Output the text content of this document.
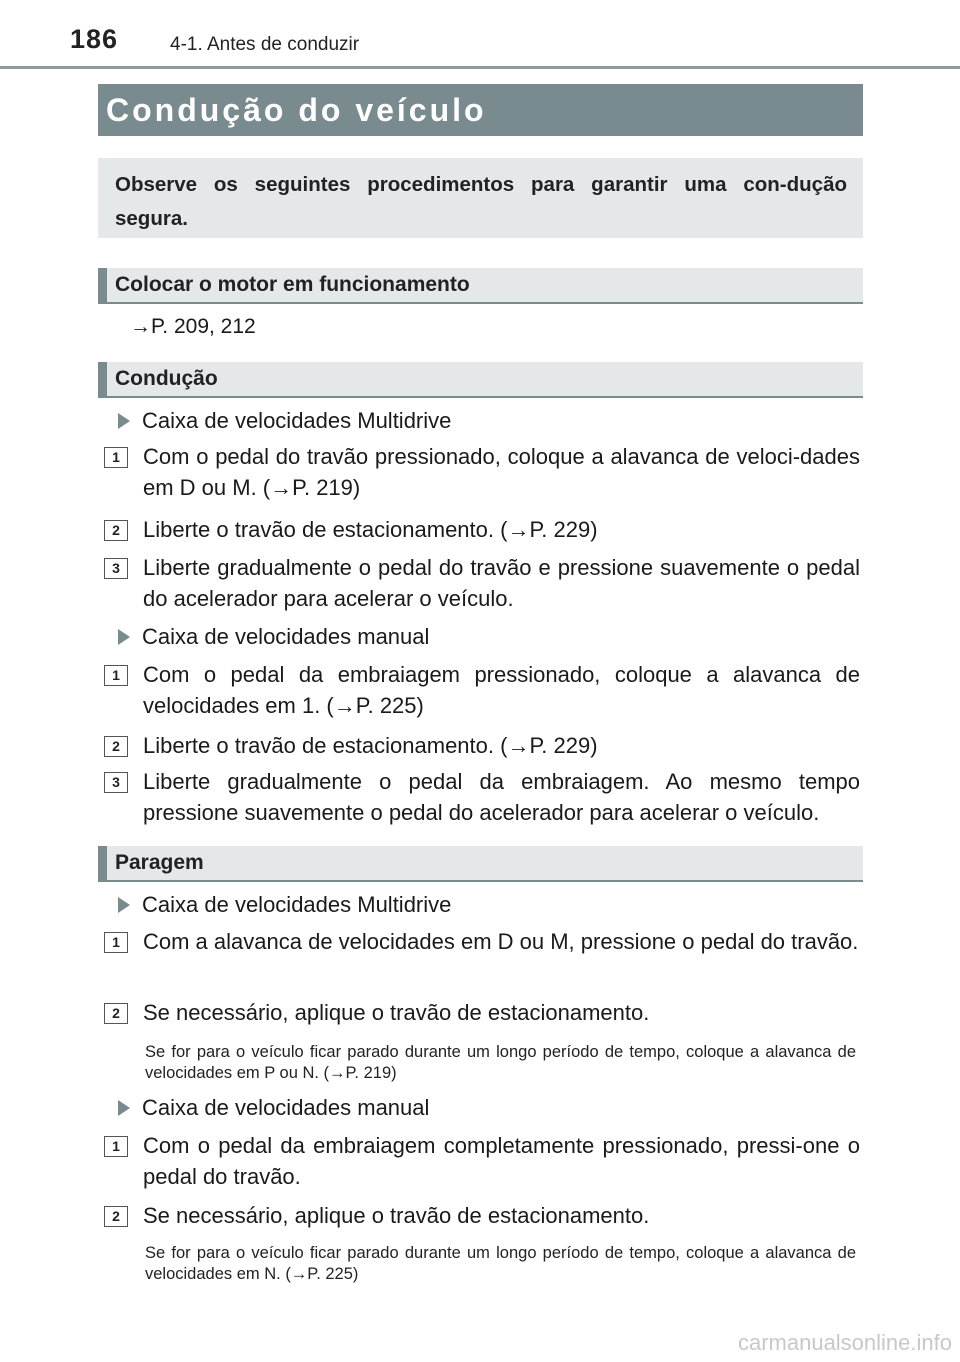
186	4-1. Antes de conduzir
Condução do veículo
Observe os seguintes procedimentos para garantir uma con-dução segura.
Colocar o motor em funcionamento
→P. 209, 212
Condução
Caixa de velocidades Multidrive
1	Com o pedal do travão pressionado, coloque a alavanca de veloci-dades em D ou M. (→P. 219)
2	Liberte o travão de estacionamento. (→P. 229)
3	Liberte gradualmente o pedal do travão e pressione suavemente o pedal do acelerador para acelerar o veículo.
Caixa de velocidades manual
1	Com o pedal da embraiagem pressionado, coloque a alavanca de velocidades em 1. (→P. 225)
2	Liberte o travão de estacionamento. (→P. 229)
3	Liberte gradualmente o pedal da embraiagem. Ao mesmo tempo pressione suavemente o pedal do acelerador para acelerar o veículo.
Paragem
Caixa de velocidades Multidrive
1	Com a alavanca de velocidades em D ou M, pressione o pedal do travão.
2	Se necessário, aplique o travão de estacionamento.
Se for para o veículo ficar parado durante um longo período de tempo, coloque a alavanca de velocidades em P ou N. (→P. 219)
Caixa de velocidades manual
1	Com o pedal da embraiagem completamente pressionado, pressi-one o pedal do travão.
2	Se necessário, aplique o travão de estacionamento.
Se for para o veículo ficar parado durante um longo período de tempo, coloque a alavanca de velocidades em N. (→P. 225)
carmanualsonline.info
